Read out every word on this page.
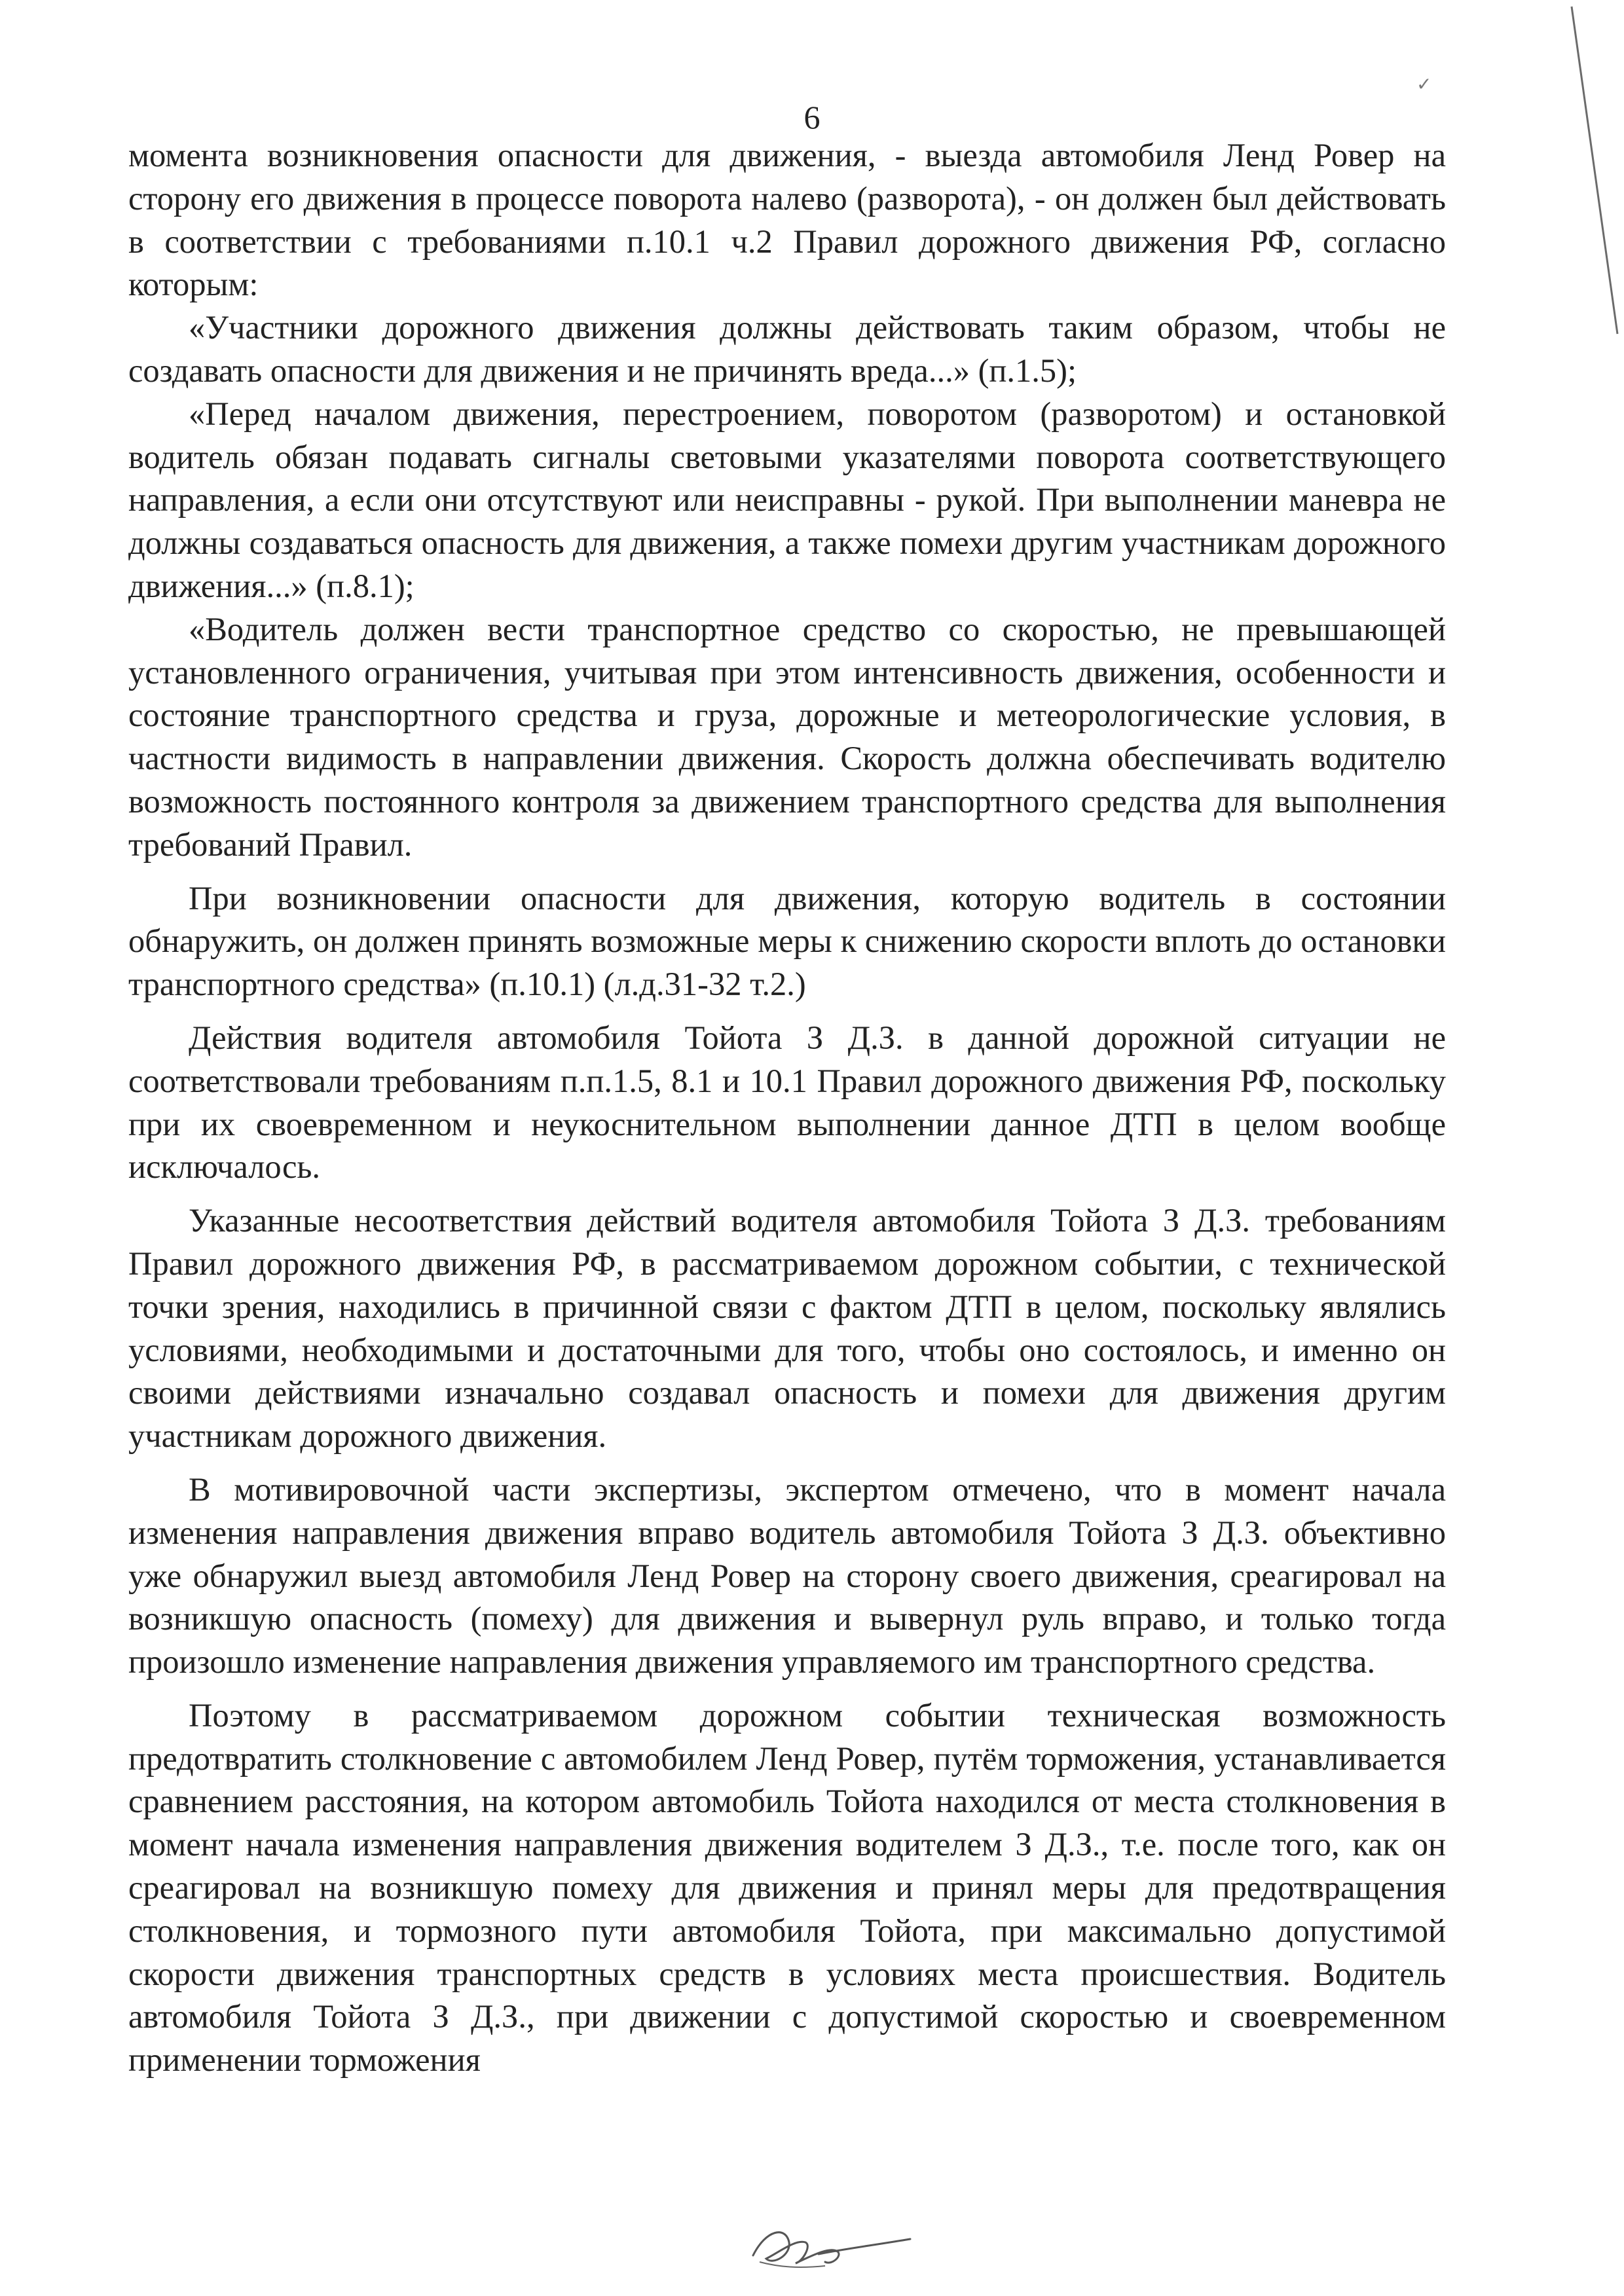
✓
6

момента возникновения опасности для движения, - выезда автомобиля Ленд Ровер на сторону его движения в процессе поворота налево (разворота), - он должен был действовать в соответствии с требованиями п.10.1 ч.2 Правил дорожного движения РФ, согласно которым:

«Участники дорожного движения должны действовать таким образом, чтобы не создавать опасности для движения и не причинять вреда...» (п.1.5);

«Перед началом движения, перестроением, поворотом (разворотом) и остановкой водитель обязан подавать сигналы световыми указателями поворота соответствующего направления, а если они отсутствуют или неисправны - рукой. При выполнении маневра не должны создаваться опасность для движения, а также помехи другим участникам дорожного движения...» (п.8.1);

«Водитель должен вести транспортное средство со скоростью, не превышающей установленного ограничения, учитывая при этом интенсивность движения, особенности и состояние транспортного средства и груза, дорожные и метеорологические условия, в частности видимость в направлении движения. Скорость должна обеспечивать водителю возможность постоянного контроля за движением транспортного средства для выполнения требований Правил.

При возникновении опасности для движения, которую водитель в состоянии обнаружить, он должен принять возможные меры к снижению скорости вплоть до остановки транспортного средства» (п.10.1) (л.д.31-32 т.2.)

Действия водителя автомобиля Тойота З Д.З. в данной дорожной ситуации не соответствовали требованиям п.п.1.5, 8.1 и 10.1 Правил дорожного движения РФ, поскольку при их своевременном и неукоснительном выполнении данное ДТП в целом вообще исключалось.

Указанные несоответствия действий водителя автомобиля Тойота З Д.З. требованиям Правил дорожного движения РФ, в рассматриваемом дорожном событии, с технической точки зрения, находились в причинной связи с фактом ДТП в целом, поскольку являлись условиями, необходимыми и достаточными для того, чтобы оно состоялось, и именно он своими действиями изначально создавал опасность и помехи для движения другим участникам дорожного движения.

В мотивировочной части экспертизы, экспертом отмечено, что в момент начала изменения направления движения вправо водитель автомобиля Тойота З Д.З. объективно уже обнаружил выезд автомобиля Ленд Ровер на сторону своего движения, среагировал на возникшую опасность (помеху) для движения и вывернул руль вправо, и только тогда произошло изменение направления движения управляемого им транспортного средства.

Поэтому в рассматриваемом дорожном событии техническая возможность предотвратить столкновение с автомобилем Ленд Ровер, путём торможения, устанавливается сравнением расстояния, на котором автомобиль Тойота находился от места столкновения в момент начала изменения направления движения водителем З Д.З., т.е. после того, как он среагировал на возникшую помеху для движения и принял меры для предотвращения столкновения, и тормозного пути автомобиля Тойота, при максимально допустимой скорости движения транспортных средств в условиях места происшествия. Водитель автомобиля Тойота З Д.З., при движении с допустимой скоростью и своевременном применении торможения
